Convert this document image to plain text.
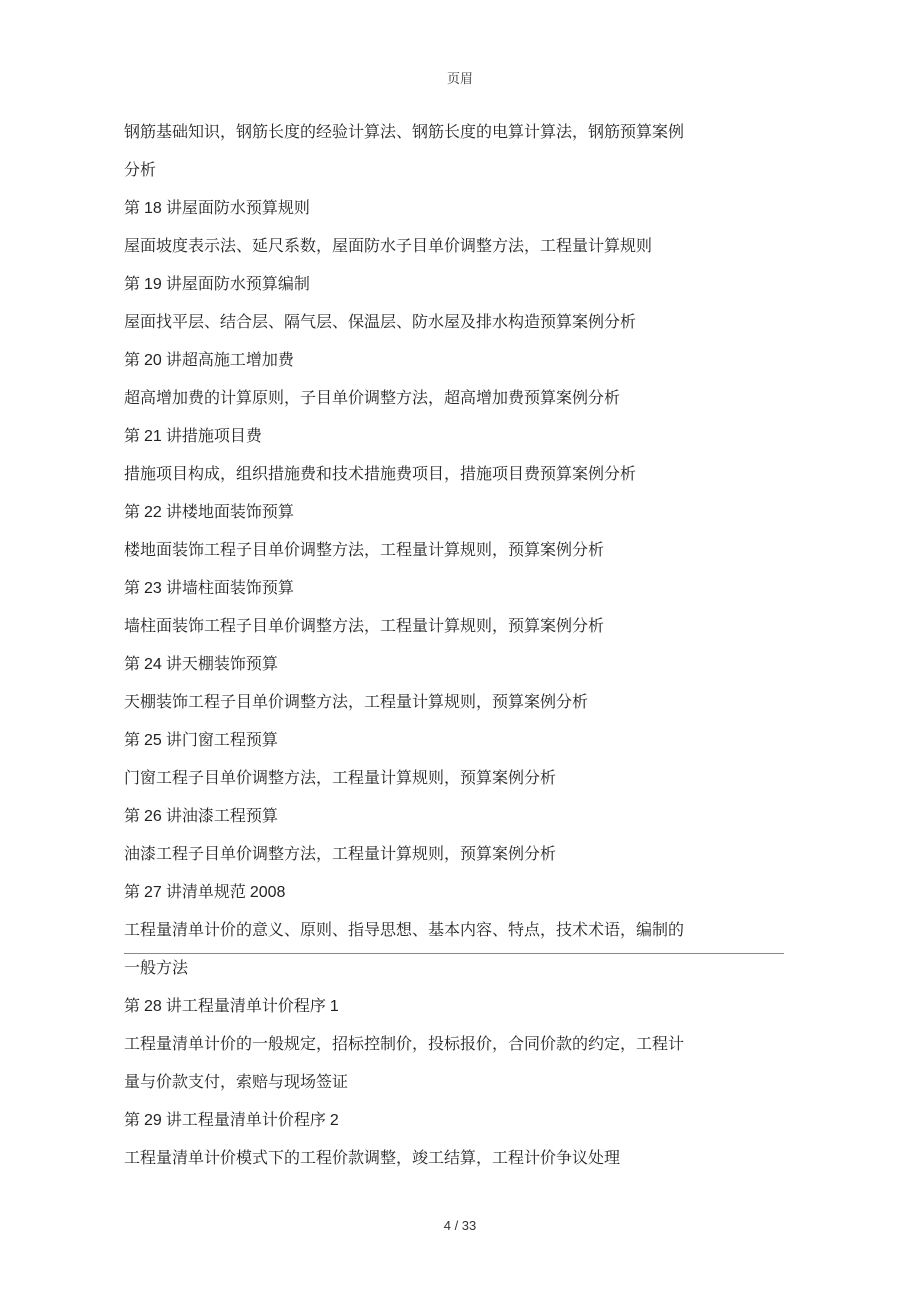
页眉
钢筋基础知识，钢筋长度的经验计算法、钢筋长度的电算计算法，钢筋预算案例
分析
第 18 讲屋面防水预算规则
屋面坡度表示法、延尺系数，屋面防水子目单价调整方法，工程量计算规则
第 19 讲屋面防水预算编制
屋面找平层、结合层、隔气层、保温层、防水屋及排水构造预算案例分析
第 20 讲超高施工增加费
超高增加费的计算原则，子目单价调整方法，超高增加费预算案例分析
第 21 讲措施项目费
措施项目构成，组织措施费和技术措施费项目，措施项目费预算案例分析
第 22 讲楼地面装饰预算
楼地面装饰工程子目单价调整方法，工程量计算规则，预算案例分析
第 23 讲墙柱面装饰预算
墙柱面装饰工程子目单价调整方法，工程量计算规则，预算案例分析
第 24 讲天棚装饰预算
天棚装饰工程子目单价调整方法，工程量计算规则，预算案例分析
第 25 讲门窗工程预算
门窗工程子目单价调整方法，工程量计算规则，预算案例分析
第 26 讲油漆工程预算
油漆工程子目单价调整方法，工程量计算规则，预算案例分析
第 27 讲清单规范 2008
工程量清单计价的意义、原则、指导思想、基本内容、特点，技术术语，编制的
一般方法
第 28 讲工程量清单计价程序 1
工程量清单计价的一般规定，招标控制价，投标报价，合同价款的约定，工程计
量与价款支付，索赔与现场签证
第 29 讲工程量清单计价程序 2
工程量清单计价模式下的工程价款调整，竣工结算，工程计价争议处理
4 / 33
